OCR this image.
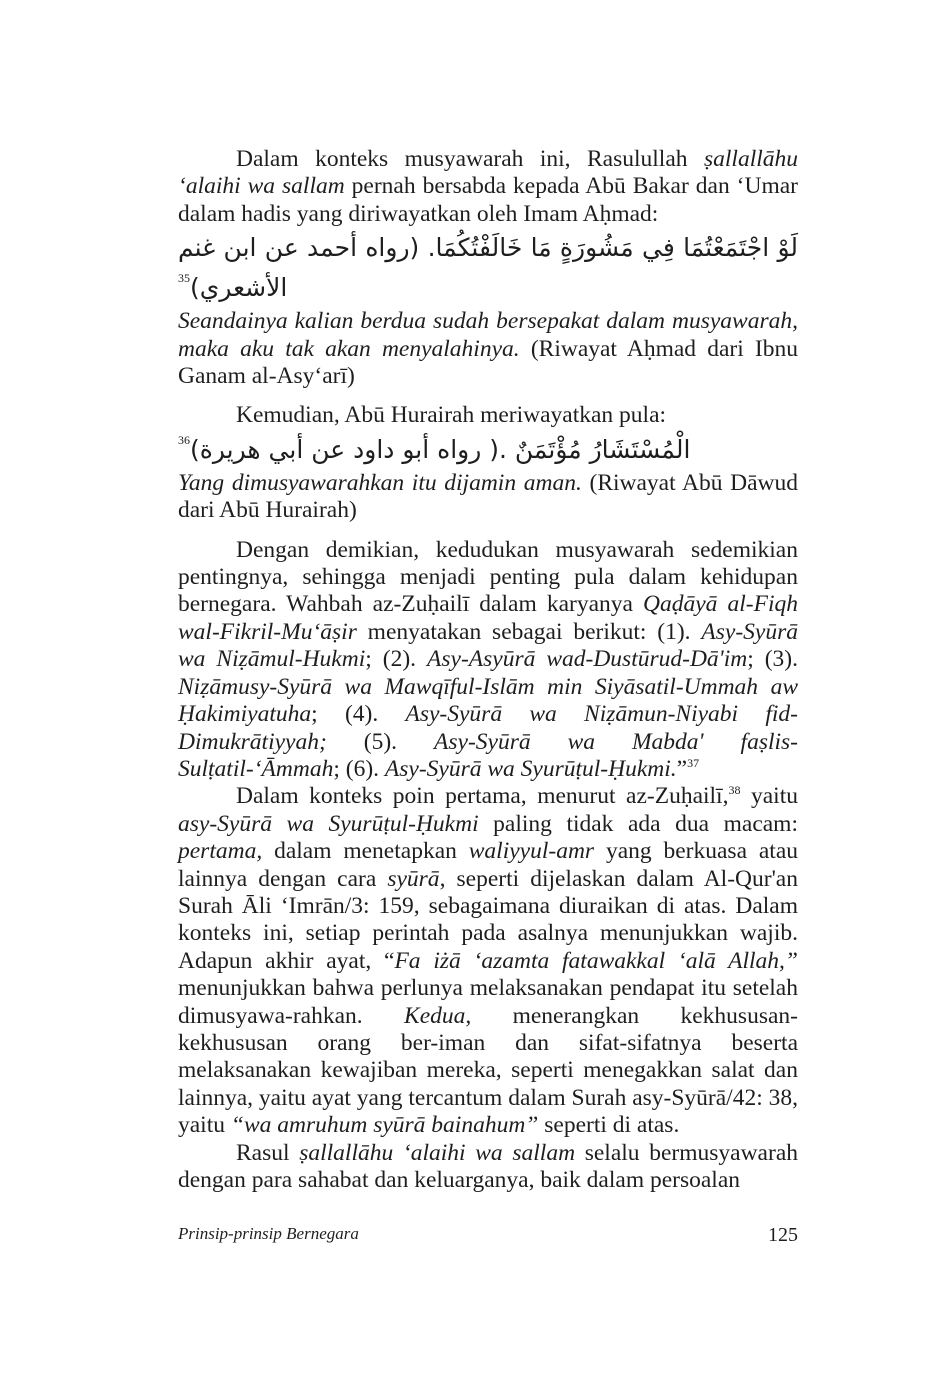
Dalam konteks musyawarah ini, Rasulullah ṣallallāhu ‘alaihi wa sallam pernah bersabda kepada Abū Bakar dan ‘Umar dalam hadis yang diriwayatkan oleh Imam Aḥmad:

لَوْ اجْتَمَعْتُمَا فِي مَشُورَةٍ مَا خَالَفْتُكُمَا. (رواه أحمد عن ابن غنم الأشعري)$^{35}$

Seandainya kalian berdua sudah bersepakat dalam musyawarah, maka aku tak akan menyalahinya. (Riwayat Aḥmad dari Ibnu Ganam al-Asy‘arī)

Kemudian, Abū Hurairah meriwayatkan pula:

الْمُسْتَشَارُ مُؤْتَمَنٌ .( رواه أبو داود عن أبي هريرة)$^{36}$

Yang dimusyawarahkan itu dijamin aman. (Riwayat Abū Dāwud dari Abū Hurairah)

Dengan demikian, kedudukan musyawarah sedemikian pentingnya, sehingga menjadi penting pula dalam kehidupan bernegara. Wahbah az-Zuḥailī dalam karyanya Qaḍāyā al-Fiqh wal-Fikril-Mu‘āṣir menyatakan sebagai berikut: (1). Asy-Syūrā wa Niẓāmul-Hukmi; (2). Asy-Asyūrā wad-Dustūrud-Dā'im; (3). Niẓāmusy-Syūrā wa Mawqīful-Islām min Siyāsatil-Ummah aw Ḥakimiyatuha; (4). Asy-Syūrā wa Niẓāmun-Niyabi fid-Dimukrātiyyah; (5). Asy-Syūrā wa Mabda' faṣlis-Sulṭatil-‘Āmmah; (6). Asy-Syūrā wa Syurūṭul-Ḥukmi.”$^{37}$

Dalam konteks poin pertama, menurut az-Zuḥailī,$^{38}$ yaitu asy-Syūrā wa Syurūṭul-Ḥukmi paling tidak ada dua macam: pertama, dalam menetapkan waliyyul-amr yang berkuasa atau lainnya dengan cara syūrā, seperti dijelaskan dalam Al-Qur'an Surah Āli ‘Imrān/3: 159, sebagaimana diuraikan di atas. Dalam konteks ini, setiap perintah pada asalnya menunjukkan wajib. Adapun akhir ayat, “Fa iżā ‘azamta fatawakkal ‘alā Allah,” menunjukkan bahwa perlunya melaksanakan pendapat itu setelah dimusyawa-rahkan. Kedua, menerangkan kekhususan-kekhususan orang ber-iman dan sifat-sifatnya beserta melaksanakan kewajiban mereka, seperti menegakkan salat dan lainnya, yaitu ayat yang tercantum dalam Surah asy-Syūrā/42: 38, yaitu “wa amruhum syūrā bainahum” seperti di atas.

Rasul ṣallallāhu ‘alaihi wa sallam selalu bermusyawarah dengan para sahabat dan keluarganya, baik dalam persoalan

Prinsip-prinsip Bernegara	125
